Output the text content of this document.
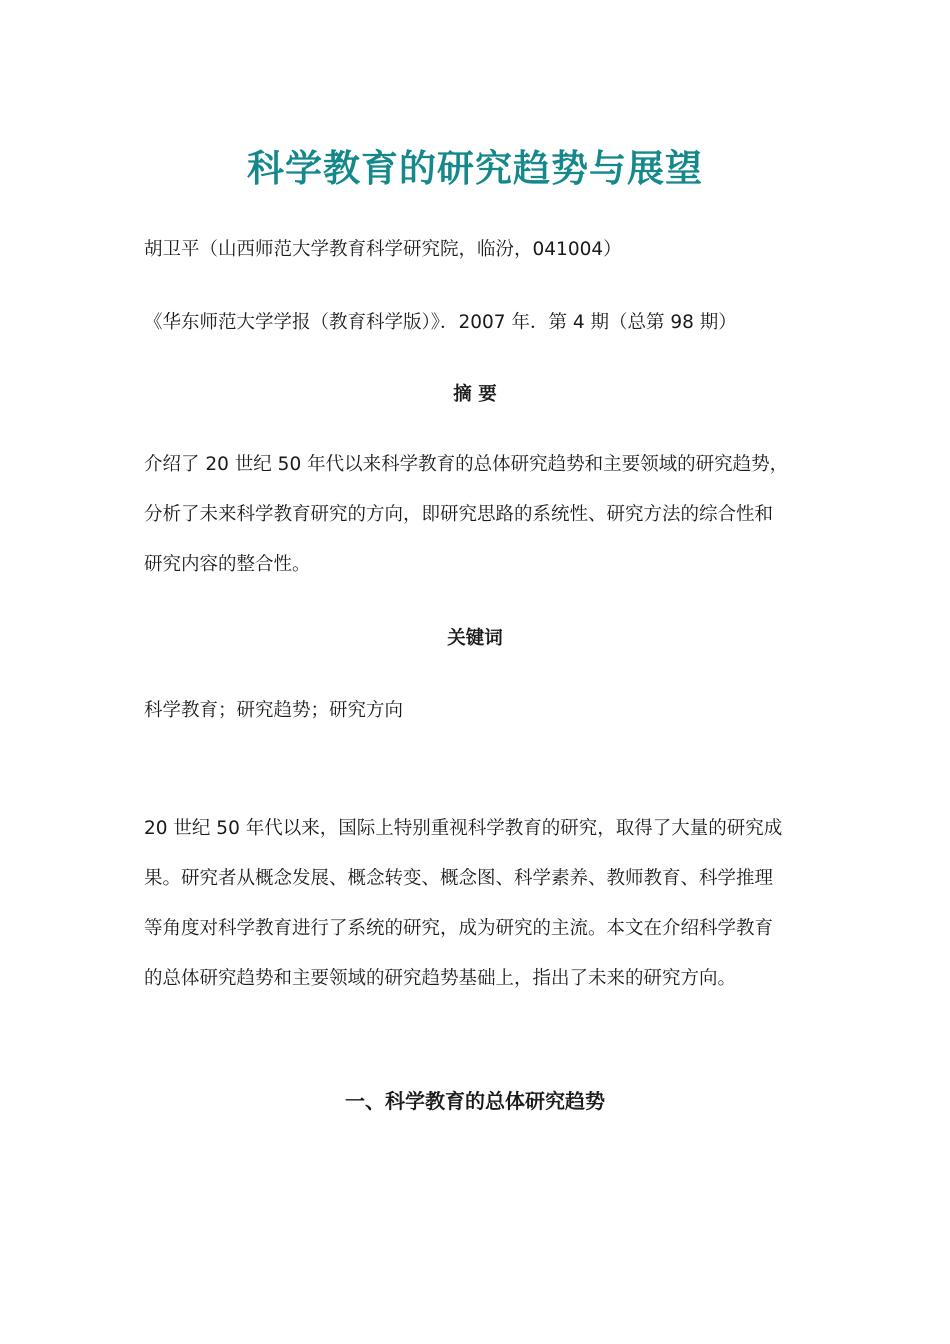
科学教育的研究趋势与展望
胡卫平（山西师范大学教育科学研究院，临汾，041004）
《华东师范大学学报（教育科学版）》．2007 年．第 4 期（总第 98 期）
摘 要
介绍了 20 世纪 50 年代以来科学教育的总体研究趋势和主要领域的研究趋势，
分析了未来科学教育研究的方向，即研究思路的系统性、研究方法的综合性和
研究内容的整合性。
关键词
科学教育；研究趋势；研究方向
20 世纪 50 年代以来，国际上特别重视科学教育的研究，取得了大量的研究成
果。研究者从概念发展、概念转变、概念图、科学素养、教师教育、科学推理
等角度对科学教育进行了系统的研究，成为研究的主流。本文在介绍科学教育
的总体研究趋势和主要领域的研究趋势基础上，指出了未来的研究方向。
一、科学教育的总体研究趋势
